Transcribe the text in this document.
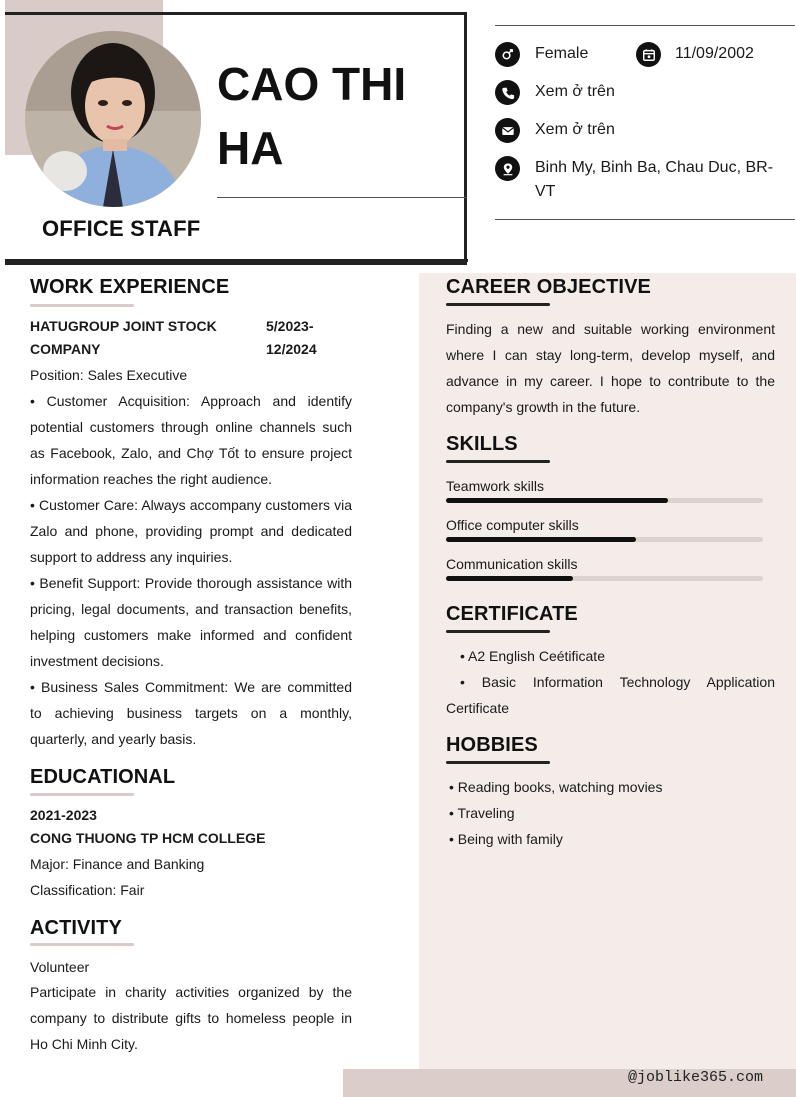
CAO THI HA
OFFICE STAFF
Female	11/09/2002
Xem ở trên
Xem ở trên
Binh My, Binh Ba, Chau Duc, BR-VT
WORK EXPERIENCE
HATUGROUP JOINT STOCK COMPANY
5/2023-12/2024
Position: Sales Executive
• Customer Acquisition: Approach and identify potential customers through online channels such as Facebook, Zalo, and Chợ Tốt to ensure project information reaches the right audience.
• Customer Care: Always accompany customers via Zalo and phone, providing prompt and dedicated support to address any inquiries.
• Benefit Support: Provide thorough assistance with pricing, legal documents, and transaction benefits, helping customers make informed and confident investment decisions.
• Business Sales Commitment: We are committed to achieving business targets on a monthly, quarterly, and yearly basis.
EDUCATIONAL
2021-2023
CONG THUONG TP HCM COLLEGE
Major: Finance and Banking
Classification: Fair
ACTIVITY
Volunteer
Participate in charity activities organized by the company to distribute gifts to homeless people in Ho Chi Minh City.
CAREER OBJECTIVE
Finding a new and suitable working environment where I can stay long-term, develop myself, and advance in my career. I hope to contribute to the company's growth in the future.
SKILLS
Teamwork skills
Office computer skills
Communication skills
CERTIFICATE
• A2 English Ceétificate
• Basic Information Technology Application Certificate
HOBBIES
• Reading books, watching movies
• Traveling
• Being with family
@joblike365.com
